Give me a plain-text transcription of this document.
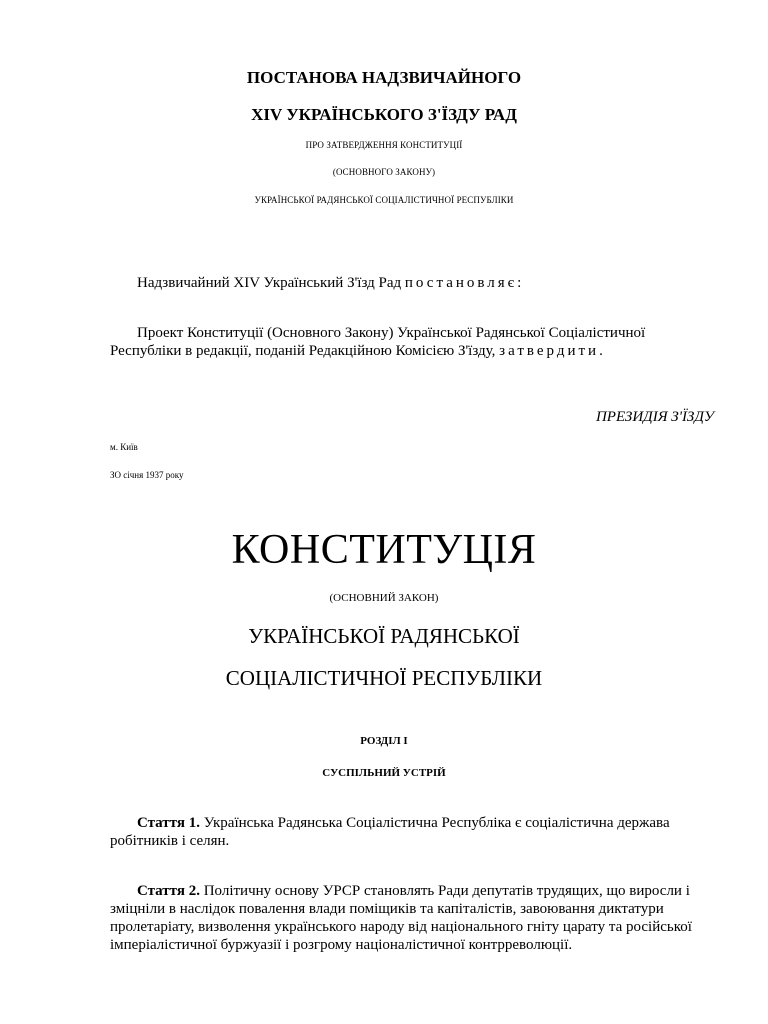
ПОСТАНОВА НАДЗВИЧАЙНОГО
XIV УКРАЇНСЬКОГО З'ЇЗДУ РАД
ПРО ЗАТВЕРДЖЕННЯ КОНСТИТУЦІЇ
(ОСНОВНОГО ЗАКОНУ)
УКРАЇНСЬКОЇ РАДЯНСЬКОЇ СОЦІАЛІСТИЧНОЇ РЕСПУБЛІКИ
Надзвичайний XIV Український З'їзд Рад постановляє:
Проект Конституції (Основного Закону) Української Радянської Соціалістичної Республіки в редакції, поданій Редакційною Комісією З'їзду, затвердити.
ПРЕЗИДІЯ З'ЇЗДУ
м. Київ
ЗО січня 1937 року
КОНСТИТУЦІЯ
(ОСНОВНИЙ ЗАКОН)
УКРАЇНСЬКОЇ РАДЯНСЬКОЇ
СОЦІАЛІСТИЧНОЇ РЕСПУБЛІКИ
РОЗДІЛ I
СУСПІЛЬНИЙ УСТРІЙ
Стаття 1. Українська Радянська Соціалістична Республіка є соціалістична держава робітників і селян.
Стаття 2. Політичну основу УРСР становлять Ради депутатів трудящих, що виросли і зміцніли в наслідок повалення влади поміщиків та капіталістів, завоювання диктатури пролетаріату, визволення українського народу від національного гніту царату та російської імперіалістичної буржуазії і розгрому націоналістичної контрреволюції.
